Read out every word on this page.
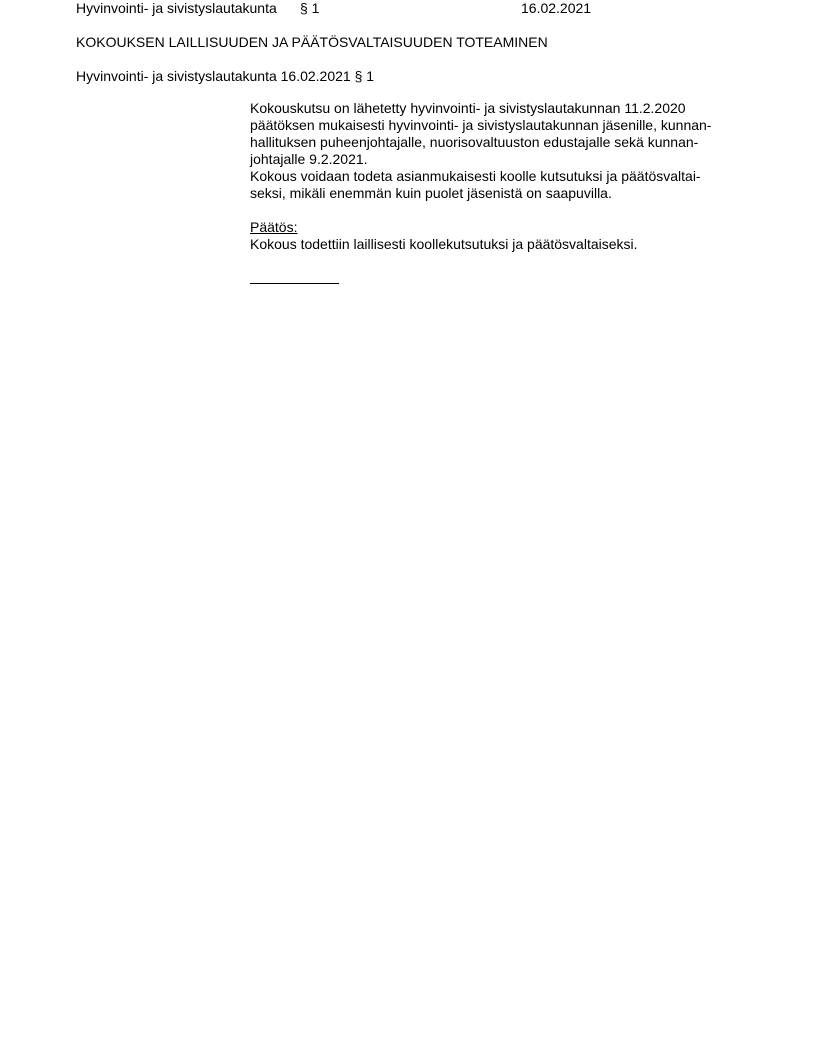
Hyvinvointi- ja sivistyslautakunta § 1	16.02.2021
KOKOUKSEN LAILLISUUDEN JA PÄÄTÖSVALTAISUUDEN TOTEAMINEN
Hyvinvointi- ja sivistyslautakunta 16.02.2021 § 1
Kokouskutsu on lähetetty hyvinvointi- ja sivistyslautakunnan 11.2.2020
päätöksen mukaisesti hyvinvointi- ja sivistyslautakunnan jäsenille, kunnan-
hallituksen puheenjohtajalle, nuorisovaltuuston edustajalle sekä kunnan-
johtajalle 9.2.2021.
Kokous voidaan todeta asianmukaisesti koolle kutsutuksi ja päätösvaltai-
seksi, mikäli enemmän kuin puolet jäsenistä on saapuvilla.
Päätös:
Kokous todettiin laillisesti koollekutsutuksi ja päätösvaltaiseksi.
